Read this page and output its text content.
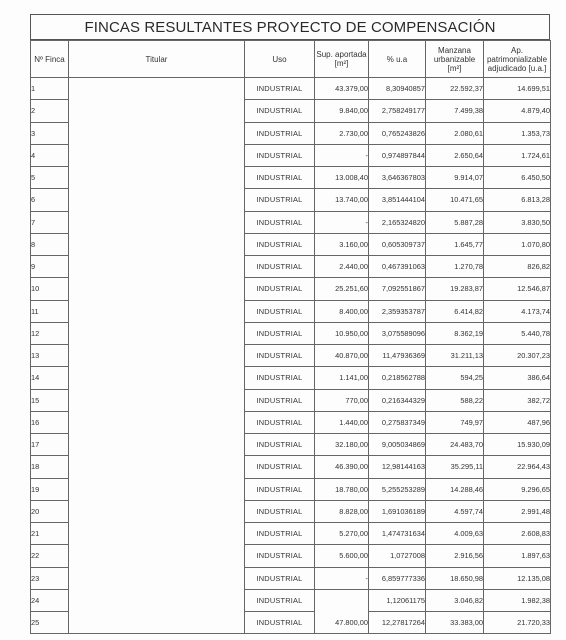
FINCAS RESULTANTES PROYECTO DE COMPENSACIÓN
Nº Finca	Titular	Uso	Sup. aportada [m²]	% u.a	Manzana urbanizable [m²]	Ap. patrimonializable adjudicado [u.a.]
1		INDUSTRIAL	43.379,00	8,30940857	22.592,37	14.699,51
2		INDUSTRIAL	9.840,00	2,758249177	7.499,38	4.879,40
3		INDUSTRIAL	2.730,00	0,765243826	2.080,61	1.353,73
4		INDUSTRIAL	-	0,974897844	2.650,64	1.724,61
5		INDUSTRIAL	13.008,40	3,646367803	9.914,07	6.450,50
6		INDUSTRIAL	13.740,00	3,851444104	10.471,65	6.813,28
7		INDUSTRIAL	-	2,165324820	5.887,28	3.830,50
8		INDUSTRIAL	3.160,00	0,605309737	1.645,77	1.070,80
9		INDUSTRIAL	2.440,00	0,467391063	1.270,78	826,82
10		INDUSTRIAL	25.251,60	7,092551867	19.283,87	12.546,87
11		INDUSTRIAL	8.400,00	2,359353787	6.414,82	4.173,74
12		INDUSTRIAL	10.950,00	3,075589096	8.362,19	5.440,78
13		INDUSTRIAL	40.870,00	11,47936369	31.211,13	20.307,23
14		INDUSTRIAL	1.141,00	0,218562788	594,25	386,64
15		INDUSTRIAL	770,00	0,216344329	588,22	382,72
16		INDUSTRIAL	1.440,00	0,275837349	749,97	487,96
17		INDUSTRIAL	32.180,00	9,005034869	24.483,70	15.930,09
18		INDUSTRIAL	46.390,00	12,98144163	35.295,11	22.964,43
19		INDUSTRIAL	18.780,00	5,255253289	14.288,46	9.296,65
20		INDUSTRIAL	8.828,00	1,691036189	4.597,74	2.991,48
21		INDUSTRIAL	5.270,00	1,474731634	4.009,63	2.608,83
22		INDUSTRIAL	5.600,00	1,0727008	2.916,56	1.897,63
23		INDUSTRIAL	-	6,859777336	18.650,98	12.135,08
24		INDUSTRIAL	47.800,00	1,12061175	3.046,82	1.982,38
25		INDUSTRIAL		12,27817264	33.383,00	21.720,33
